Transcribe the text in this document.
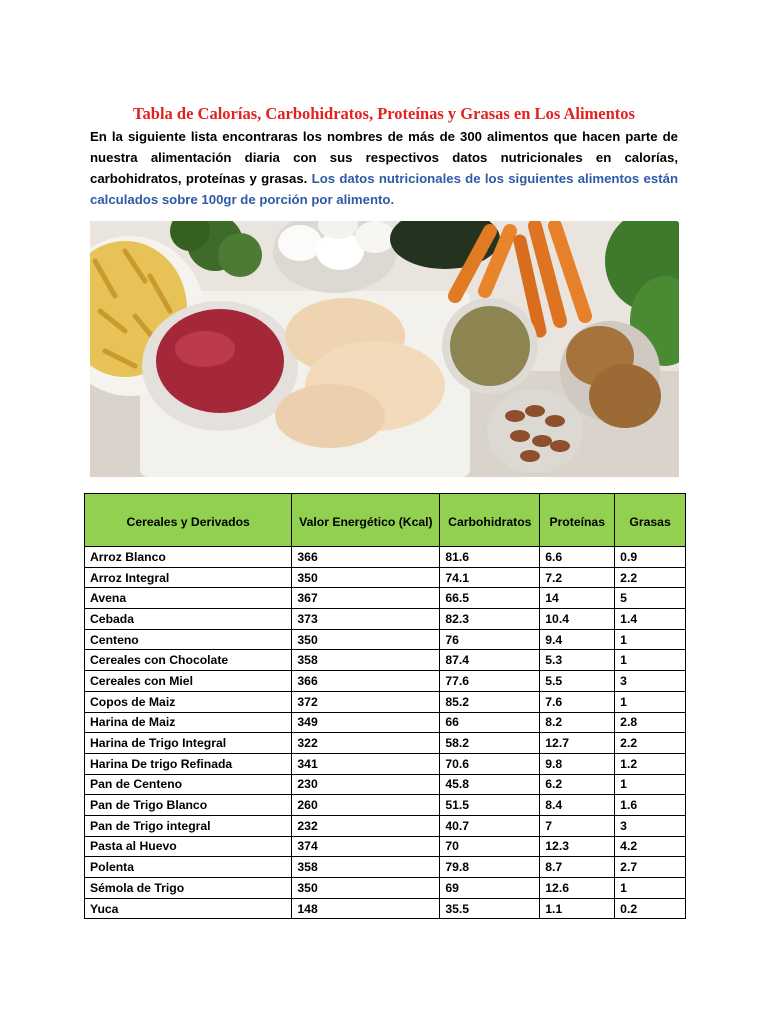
Tabla de Calorías, Carbohidratos, Proteínas y Grasas en Los Alimentos

En la siguiente lista encontraras los nombres de más de 300 alimentos que hacen parte de nuestra alimentación diaria con sus respectivos datos nutricionales en calorías, carbohidratos, proteínas y grasas. Los datos nutricionales de los siguientes alimentos están calculados sobre 100gr de porción por alimento.

Cereales y Derivados	Valor Energético (Kcal)	Carbohidratos	Proteínas	Grasas
Arroz Blanco	366	81.6	6.6	0.9
Arroz Integral	350	74.1	7.2	2.2
Avena	367	66.5	14	5
Cebada	373	82.3	10.4	1.4
Centeno	350	76	9.4	1
Cereales con Chocolate	358	87.4	5.3	1
Cereales con Miel	366	77.6	5.5	3
Copos de Maiz	372	85.2	7.6	1
Harina de Maiz	349	66	8.2	2.8
Harina de Trigo Integral	322	58.2	12.7	2.2
Harina De trigo Refinada	341	70.6	9.8	1.2
Pan de Centeno	230	45.8	6.2	1
Pan de Trigo Blanco	260	51.5	8.4	1.6
Pan de Trigo integral	232	40.7	7	3
Pasta al Huevo	374	70	12.3	4.2
Polenta	358	79.8	8.7	2.7
Sémola de Trigo	350	69	12.6	1
Yuca	148	35.5	1.1	0.2
